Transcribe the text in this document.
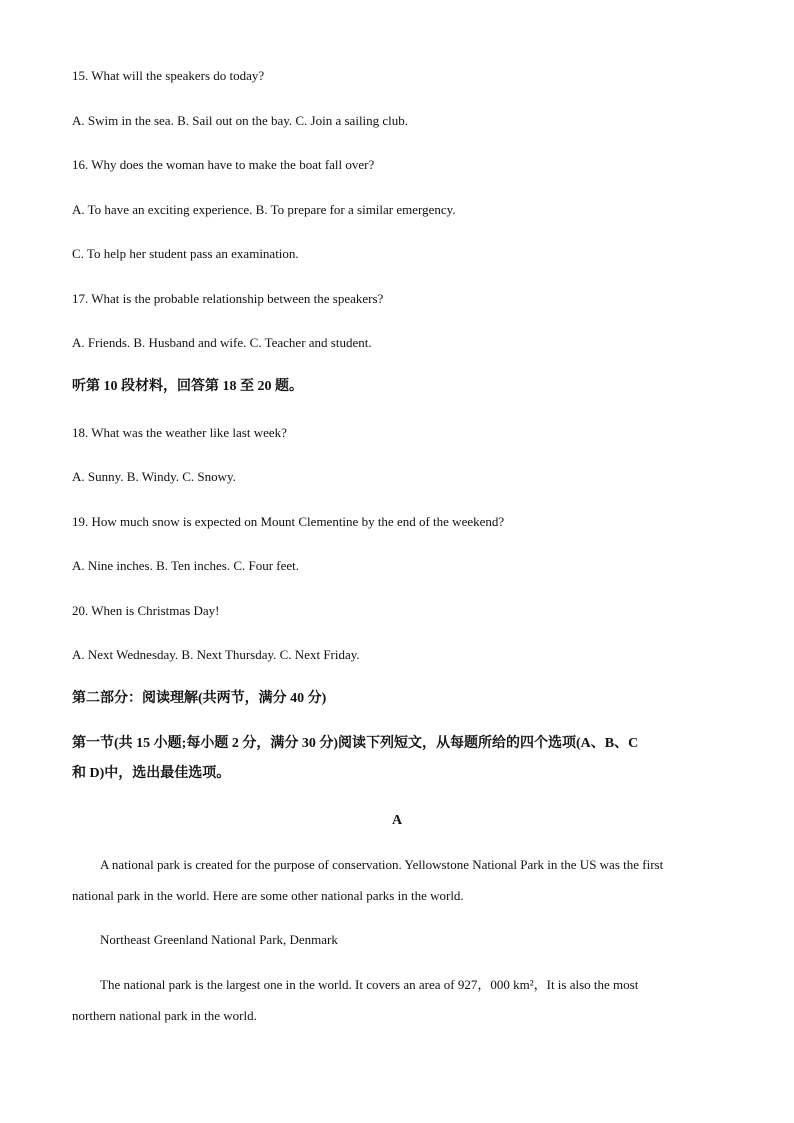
15. What will the speakers do today?
A. Swim in the sea. B. Sail out on the bay. C. Join a sailing club.
16. Why does the woman have to make the boat fall over?
A. To have an exciting experience. B. To prepare for a similar emergency.
C. To help her student pass an examination.
17. What is the probable relationship between the speakers?
A. Friends. B. Husband and wife. C. Teacher and student.
听第 10 段材料，回答第 18 至 20 题。
18. What was the weather like last week?
A. Sunny. B. Windy. C. Snowy.
19. How much snow is expected on Mount Clementine by the end of the weekend?
A. Nine inches. B. Ten inches. C. Four feet.
20. When is Christmas Day!
A. Next Wednesday. B. Next Thursday. C. Next Friday.
第二部分：阅读理解(共两节，满分 40 分)
第一节(共 15 小题;每小题 2 分，满分 30 分)阅读下列短文，从每题所给的四个选项(A、B、C
和 D)中，选出最佳选项。
A
A national park is created for the purpose of conservation. Yellowstone National Park in the US was the first
national park in the world. Here are some other national parks in the world.
Northeast Greenland National Park, Denmark
The national park is the largest one in the world. It covers an area of 927，000 km²，It is also the most
northern national park in the world.
